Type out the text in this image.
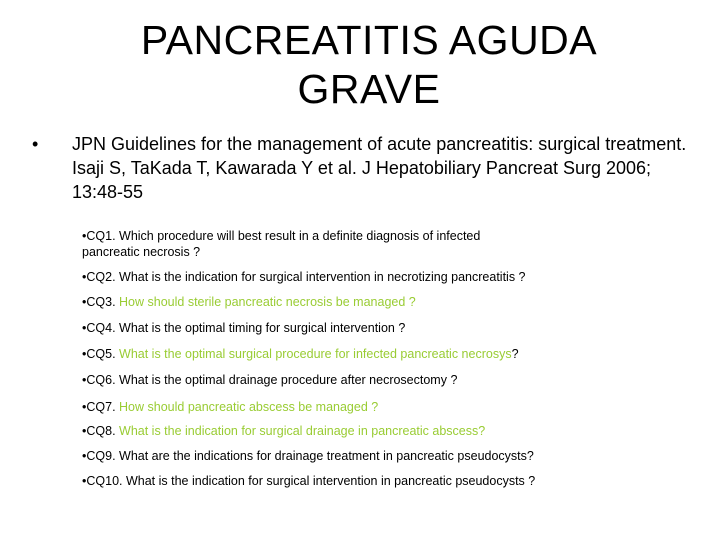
PANCREATITIS AGUDA
GRAVE
• JPN Guidelines for the management of acute pancreatitis: surgical treatment. Isaji S, TaKada T, Kawarada Y et al. J Hepatobiliary Pancreat Surg 2006; 13:48-55
•CQ1. Which procedure will best result in a definite diagnosis of infected
pancreatic necrosis ?
•CQ2. What is the indication for surgical intervention in necrotizing pancreatitis ?
•CQ3. How should sterile pancreatic necrosis be managed ?
•CQ4. What is the optimal timing for surgical intervention ?
•CQ5. What is the optimal surgical procedure for infected pancreatic necrosys?
•CQ6. What is the optimal drainage procedure after necrosectomy ?
•CQ7. How should pancreatic abscess be managed ?
•CQ8. What is the indication for surgical drainage in pancreatic abscess?
•CQ9. What are the indications for drainage treatment in pancreatic pseudocysts?
•CQ10. What is the indication for surgical intervention in pancreatic pseudocysts ?
